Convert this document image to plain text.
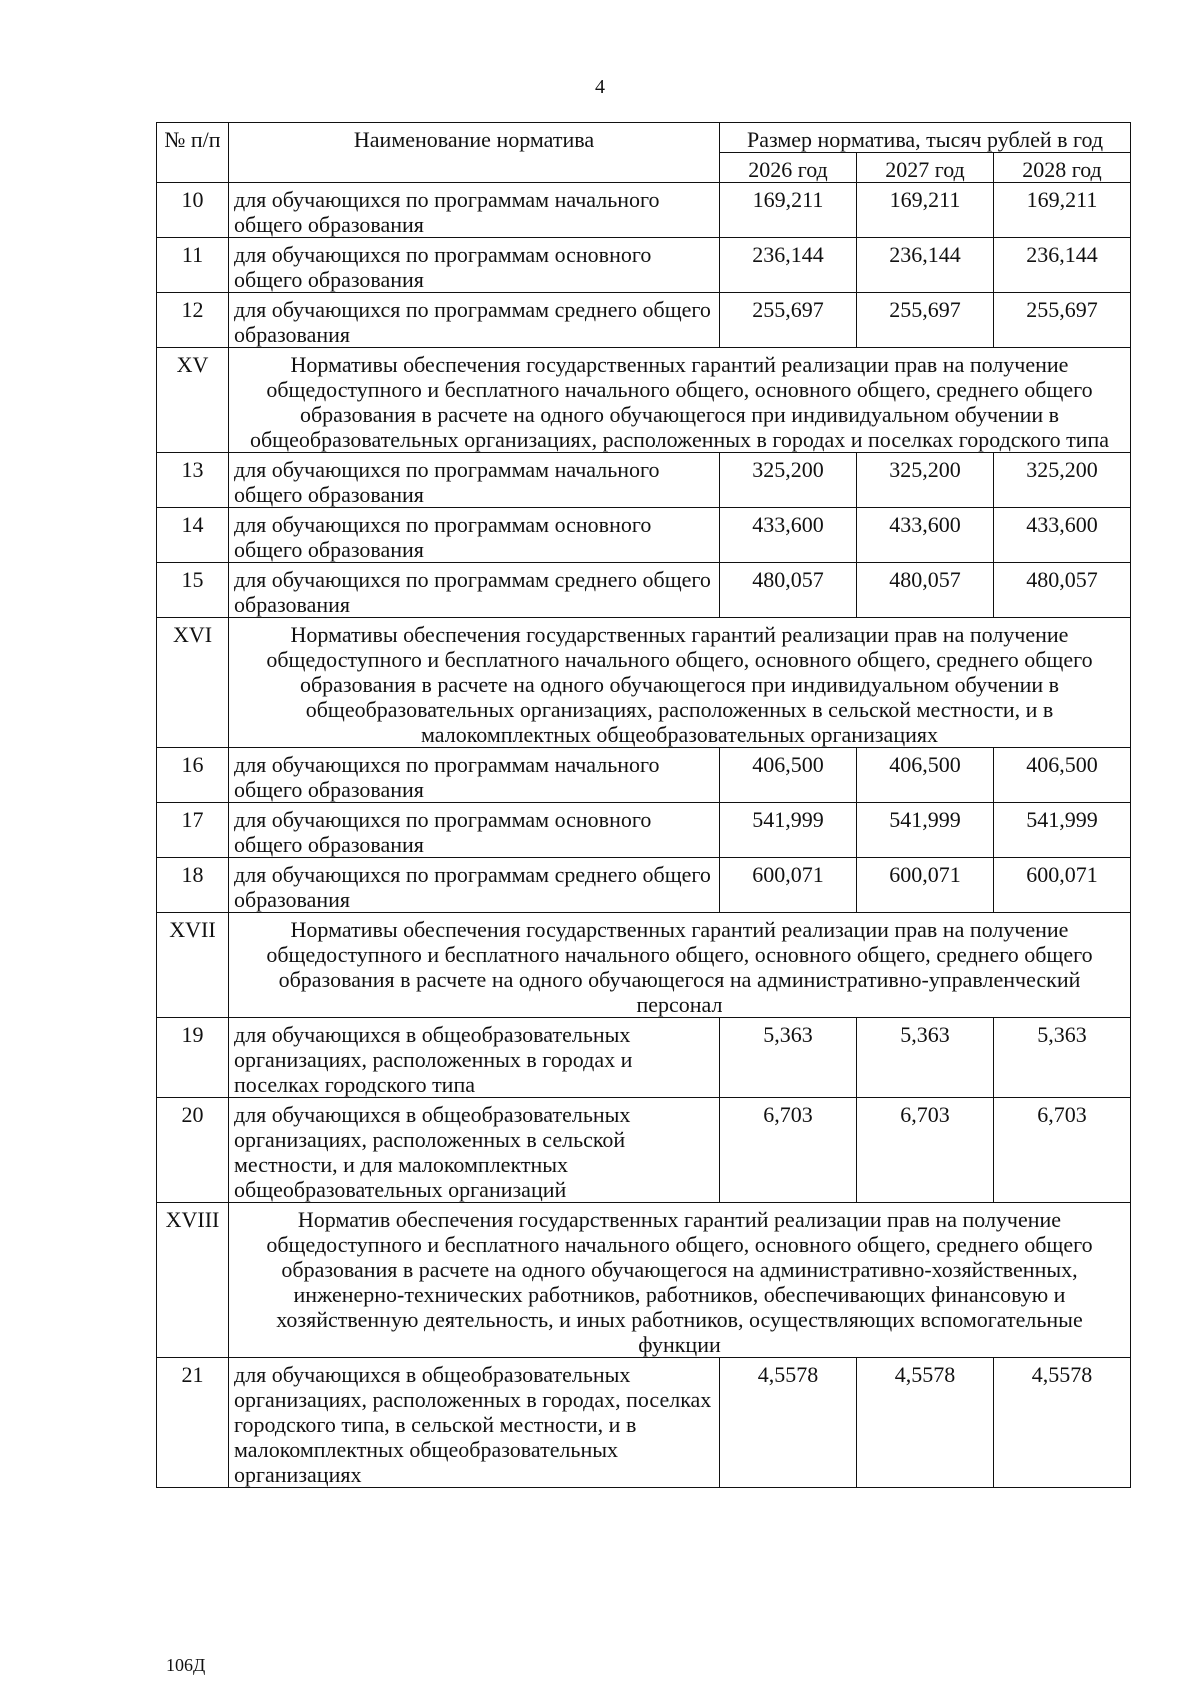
4
№ п/п	Наименование норматива	Размер норматива, тысяч рублей в год		
		2026 год	2027 год	2028 год
10	для обучающихся по программам начального общего образования	169,211	169,211	169,211
11	для обучающихся по программам основного общего образования	236,144	236,144	236,144
12	для обучающихся по программам среднего общего образования	255,697	255,697	255,697
XV	Нормативы обеспечения государственных гарантий реализации прав на получение общедоступного и бесплатного начального общего, основного общего, среднего общего образования в расчете на одного обучающегося при индивидуальном обучении в общеобразовательных организациях, расположенных в городах и поселках городского типа			
13	для обучающихся по программам начального общего образования	325,200	325,200	325,200
14	для обучающихся по программам основного общего образования	433,600	433,600	433,600
15	для обучающихся по программам среднего общего образования	480,057	480,057	480,057
XVI	Нормативы обеспечения государственных гарантий реализации прав на получение общедоступного и бесплатного начального общего, основного общего, среднего общего образования в расчете на одного обучающегося при индивидуальном обучении в общеобразовательных организациях, расположенных в сельской местности, и в малокомплектных общеобразовательных организациях			
16	для обучающихся по программам начального общего образования	406,500	406,500	406,500
17	для обучающихся по программам основного общего образования	541,999	541,999	541,999
18	для обучающихся по программам среднего общего образования	600,071	600,071	600,071
XVII	Нормативы обеспечения государственных гарантий реализации прав на получение общедоступного и бесплатного начального общего, основного общего, среднего общего образования в расчете на одного обучающегося на административно-управленческий персонал			
19	для обучающихся в общеобразовательных организациях, расположенных в городах и поселках городского типа	5,363	5,363	5,363
20	для обучающихся в общеобразовательных организациях, расположенных в сельской местности, и для малокомплектных общеобразовательных организаций	6,703	6,703	6,703
XVIII	Норматив обеспечения государственных гарантий реализации прав на получение общедоступного и бесплатного начального общего, основного общего, среднего общего образования в расчете на одного обучающегося на административно-хозяйственных, инженерно-технических работников, работников, обеспечивающих финансовую и хозяйственную деятельность, и иных работников, осуществляющих вспомогательные функции			
21	для обучающихся в общеобразовательных организациях, расположенных в городах, поселках городского типа, в сельской местности, и в малокомплектных общеобразовательных организациях	4,5578	4,5578	4,5578
106Д
